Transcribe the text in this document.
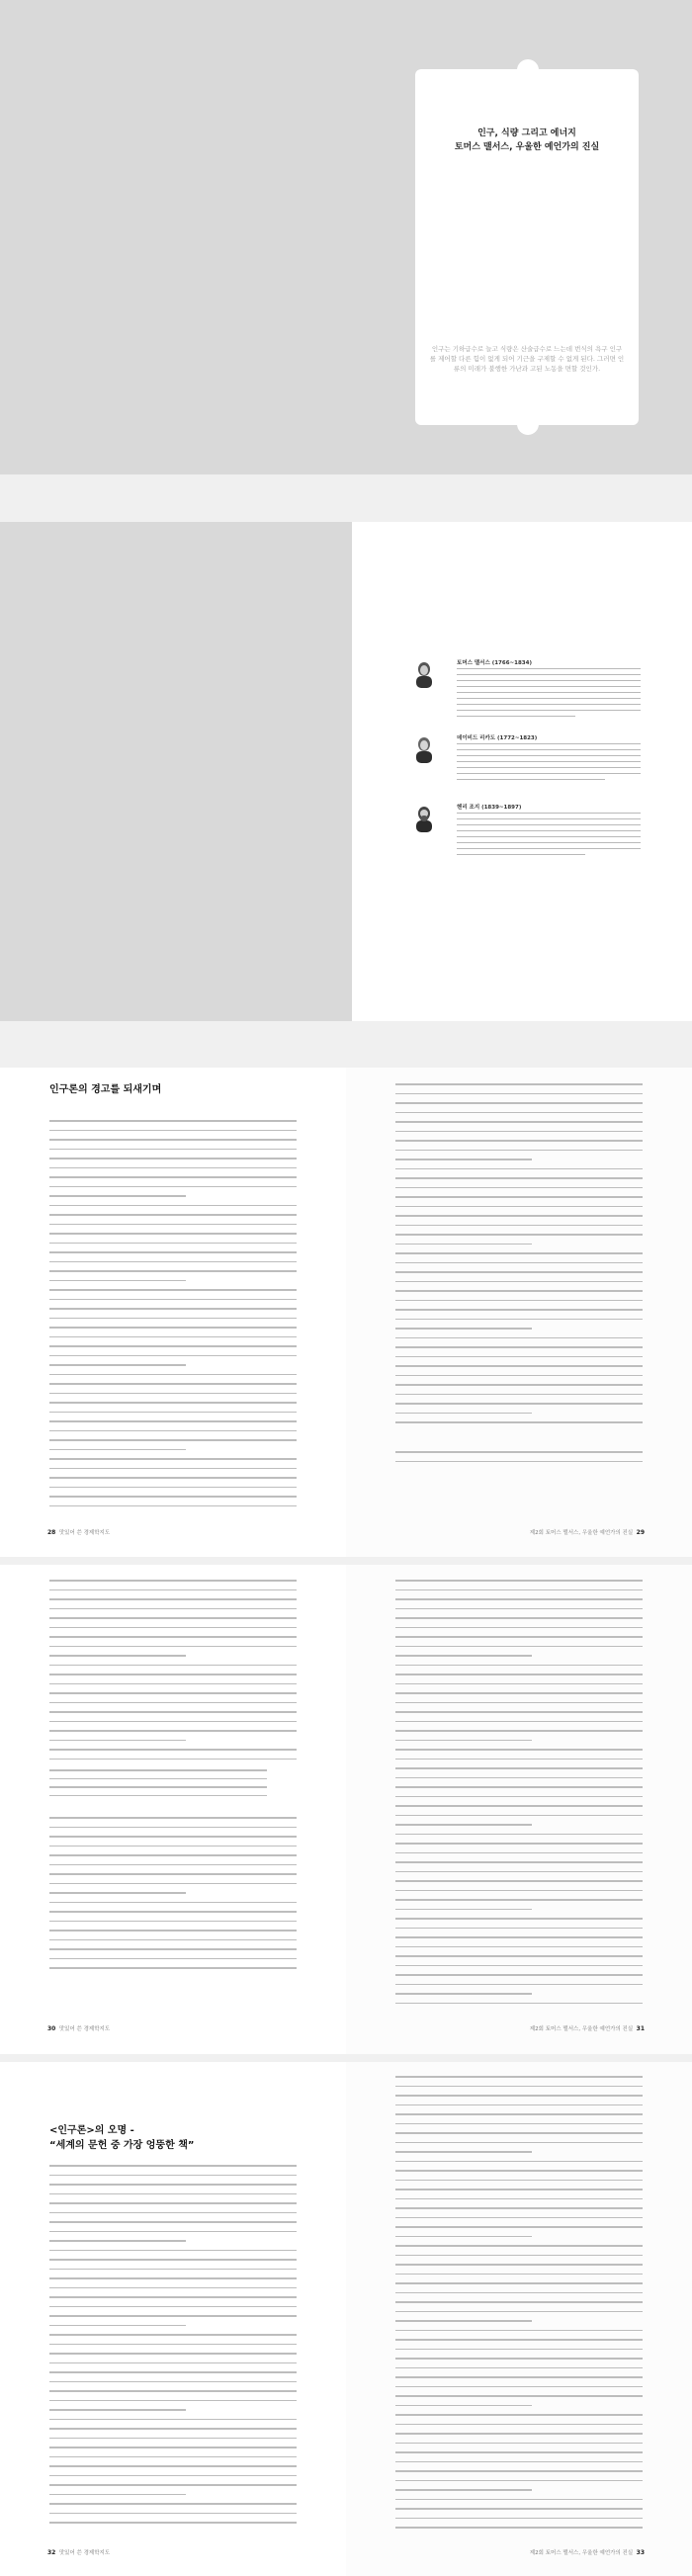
인구, 식량 그리고 에너지
토머스 맬서스, 우울한 예언가의 진실
인구는 기하급수로 늘고 식량은 산술급수로 느는데 번식의 욕구 인구를 제어할 다른 힘이 없게 되어 기근을 구제할 수 없게 된다. 그러면 인류의 미래가 불행한 가난과 고된 노동을 면할 것인가.
토머스 맬서스 (1766~1834)
데이비드 리카도 (1772~1823)
헨리 조지 (1839~1897)
인구론의 경고를 되새기며
28 맛있어 쓴 경제학지도	제2회 토머스 맬서스, 우울한 예언가의 진실 29
30 맛있어 쓴 경제학지도	제2회 토머스 맬서스, 우울한 예언가의 진실 31
<인구론>의 오명 -
“세계의 문헌 중 가장 엉뚱한 책”
32 맛있어 쓴 경제학지도	제2회 토머스 맬서스, 우울한 예언가의 진실 33
